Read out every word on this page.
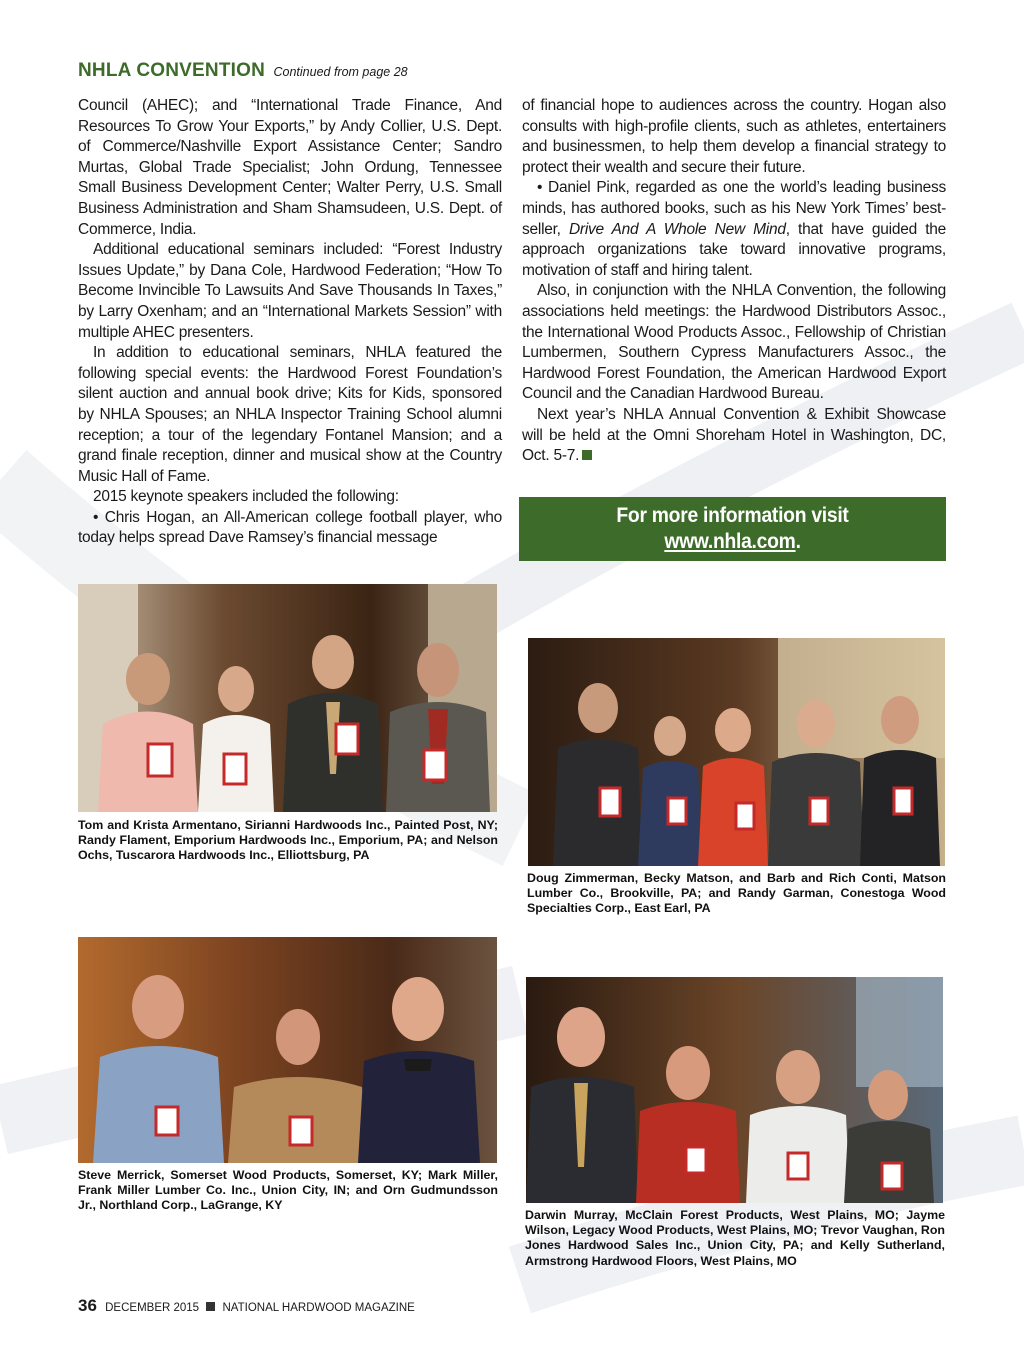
NHLA CONVENTION Continued from page 28

Council (AHEC); and “International Trade Finance, And Resources To Grow Your Exports,” by Andy Collier, U.S. Dept. of Commerce/Nashville Export Assistance Center; Sandro Murtas, Global Trade Specialist; John Ordung, Tennessee Small Business Development Center; Walter Perry, U.S. Small Business Administration and Sham Shamsudeen, U.S. Dept. of Commerce, India.

Additional educational seminars included: “Forest Industry Issues Update,” by Dana Cole, Hardwood Federation; “How To Become Invincible To Lawsuits And Save Thousands In Taxes,” by Larry Oxenham; and an “International Markets Session” with multiple AHEC presenters.

In addition to educational seminars, NHLA featured the following special events: the Hardwood Forest Foundation’s silent auction and annual book drive; Kits for Kids, sponsored by NHLA Spouses; an NHLA Inspector Training School alumni reception; a tour of the legendary Fontanel Mansion; and a grand finale reception, dinner and musical show at the Country Music Hall of Fame.

2015 keynote speakers included the following:

• Chris Hogan, an All-American college football player, who today helps spread Dave Ramsey’s financial message

of financial hope to audiences across the country. Hogan also consults with high-profile clients, such as athletes, entertainers and businessmen, to help them develop a financial strategy to protect their wealth and secure their future.

• Daniel Pink, regarded as one the world’s leading business minds, has authored books, such as his New York Times’ best-seller, Drive And A Whole New Mind, that have guided the approach organizations take toward innovative programs, motivation of staff and hiring talent.

Also, in conjunction with the NHLA Convention, the following associations held meetings: the Hardwood Distributors Assoc., the International Wood Products Assoc., Fellowship of Christian Lumbermen, Southern Cypress Manufacturers Assoc., the Hardwood Forest Foundation, the American Hardwood Export Council and the Canadian Hardwood Bureau.

Next year’s NHLA Annual Convention & Exhibit Showcase will be held at the Omni Shoreham Hotel in Washington, DC, Oct. 5-7.

For more information visit
www.nhla.com.
Tom and Krista Armentano, Sirianni Hardwoods Inc., Painted Post, NY; Randy Flament, Emporium Hardwoods Inc., Emporium, PA; and Nelson Ochs, Tuscarora Hardwoods Inc., Elliottsburg, PA
Doug Zimmerman, Becky Matson, and Barb and Rich Conti, Matson Lumber Co., Brookville, PA; and Randy Garman, Conestoga Wood Specialties Corp., East Earl, PA
Steve Merrick, Somerset Wood Products, Somerset, KY; Mark Miller, Frank Miller Lumber Co. Inc., Union City, IN; and Orn Gudmundsson Jr., Northland Corp., LaGrange, KY
Darwin Murray, McClain Forest Products, West Plains, MO; Jayme Wilson, Legacy Wood Products, West Plains, MO; Trevor Vaughan, Ron Jones Hardwood Sales Inc., Union City, PA; and Kelly Sutherland, Armstrong Hardwood Floors, West Plains, MO
36 DECEMBER 2015 NATIONAL HARDWOOD MAGAZINE
